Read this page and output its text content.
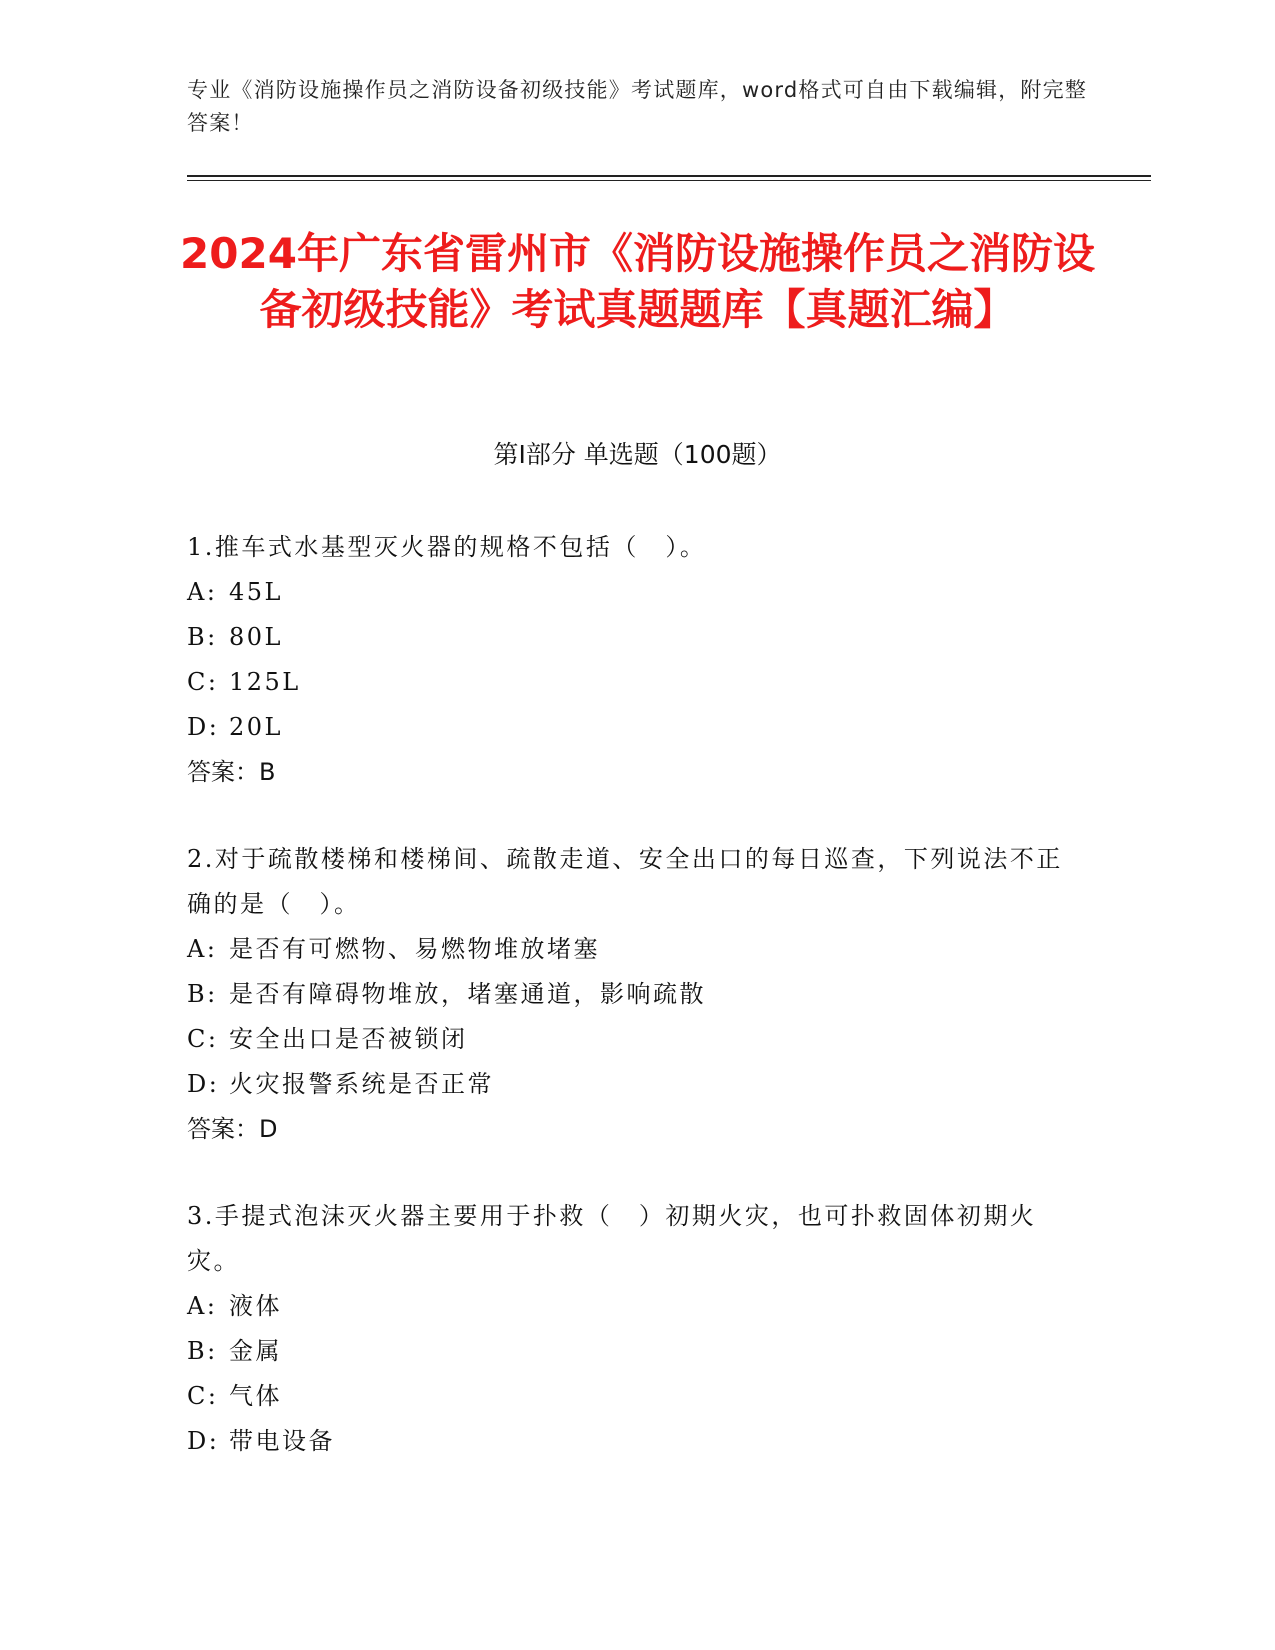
专业《消防设施操作员之消防设备初级技能》考试题库，word格式可自由下载编辑，附完整答案！
2024年广东省雷州市《消防设施操作员之消防设备初级技能》考试真题题库【真题汇编】
第I部分 单选题（100题）

1.推车式水基型灭火器的规格不包括（　）。

A: 45L

B: 80L

C: 125L

D: 20L

答案：B

2.对于疏散楼梯和楼梯间、疏散走道、安全出口的每日巡查，下列说法不正确的是（　）。

A: 是否有可燃物、易燃物堆放堵塞

B: 是否有障碍物堆放，堵塞通道，影响疏散

C: 安全出口是否被锁闭

D: 火灾报警系统是否正常

答案：D

3.手提式泡沫灭火器主要用于扑救（　）初期火灾，也可扑救固体初期火灾。

A: 液体

B: 金属

C: 气体

D: 带电设备
